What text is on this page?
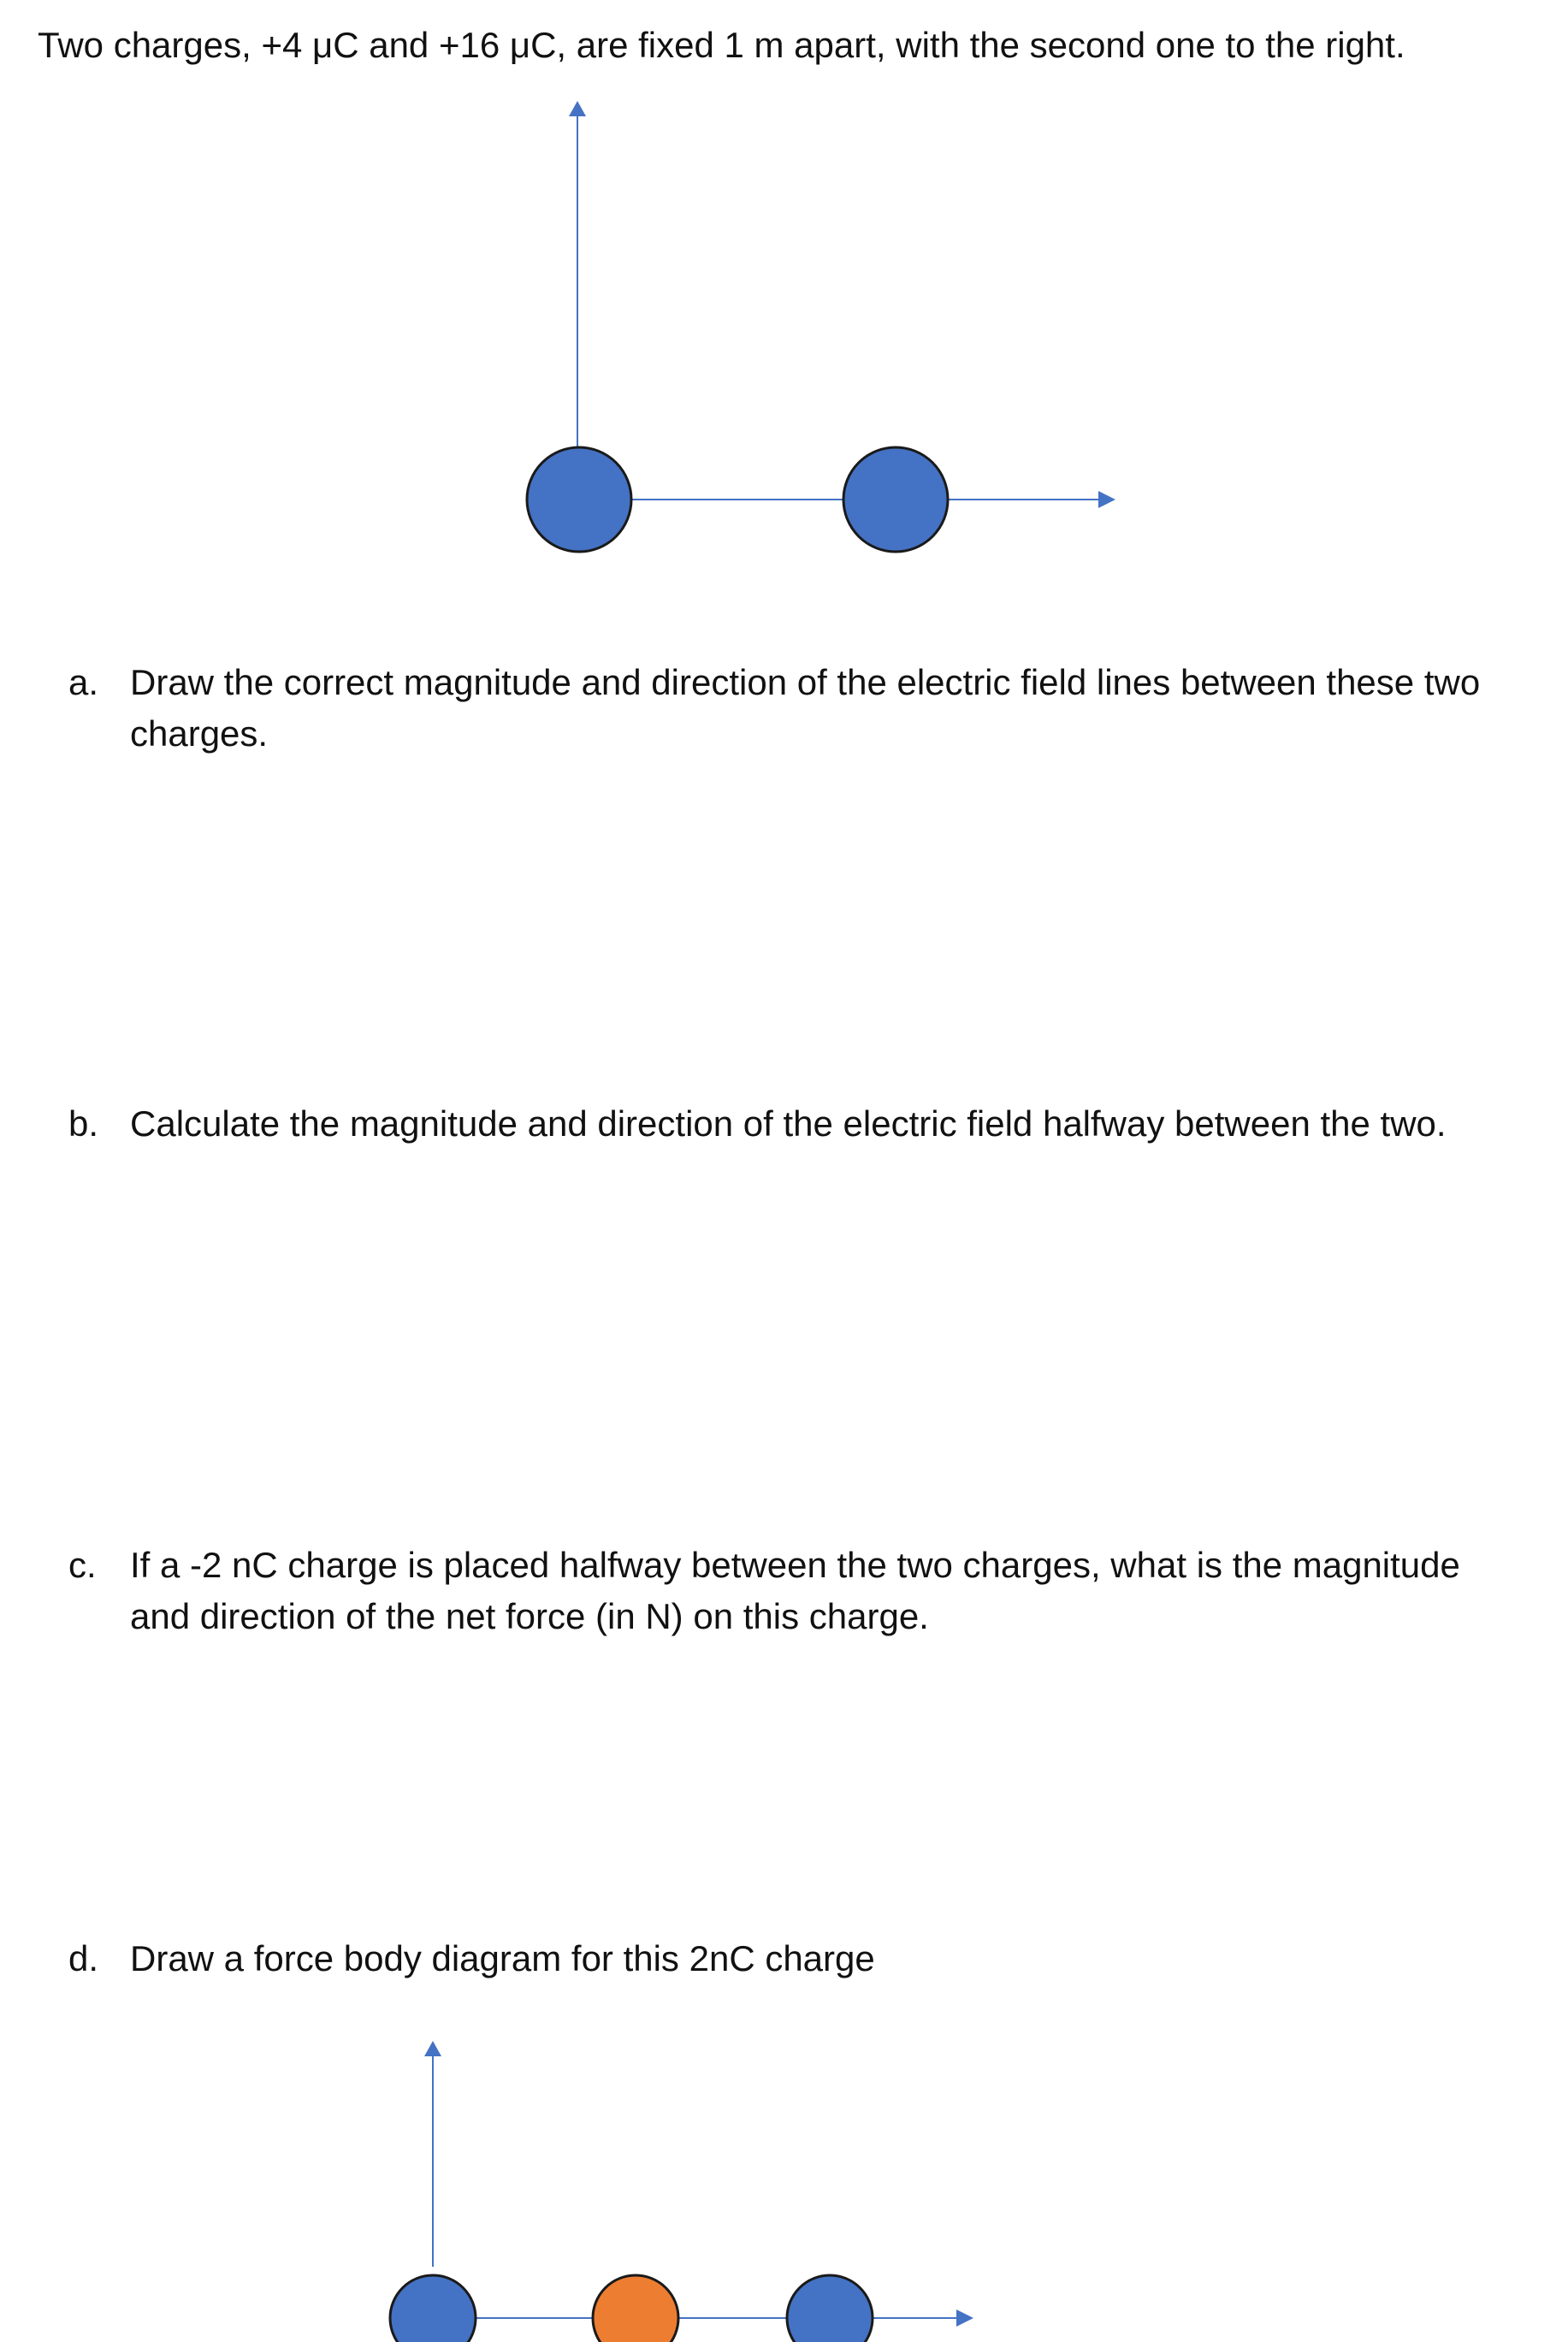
Two charges, +4 μC and +16 μC, are fixed 1 m apart, with the second one to the right.
a. Draw the correct magnitude and direction of the electric field lines between these two charges.
b. Calculate the magnitude and direction of the electric field halfway between the two.
c. If a -2 nC charge is placed halfway between the two charges, what is the magnitude and direction of the net force (in N) on this charge.
d. Draw a force body diagram for this 2nC charge
